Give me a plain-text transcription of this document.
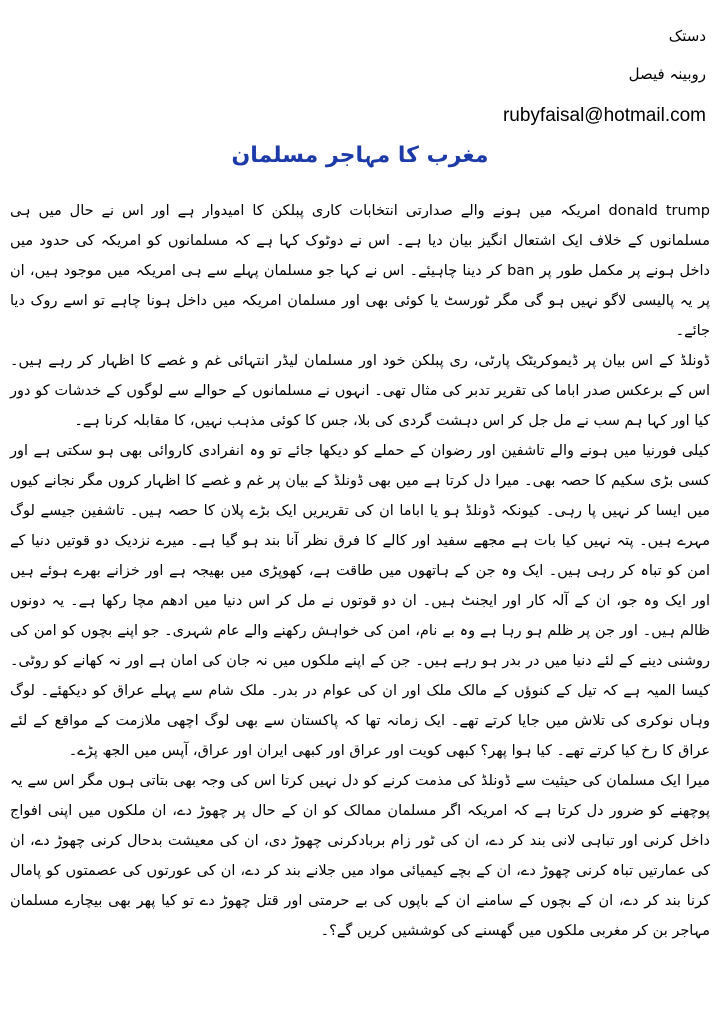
دستک
روبینہ فیصل
rubyfaisal@hotmail.com
مغرب کا مہاجر مسلمان

donald trump امریکہ میں ہونے والے صدارتی انتخابات کاری پبلکن کا امیدوار ہے اور اس نے حال میں ہی مسلمانوں کے خلاف ایک اشتعال انگیز بیان دیا ہے۔ اس نے دوٹوک کہا ہے کہ مسلمانوں کو امریکہ کی حدود میں داخل ہونے پر مکمل طور پر ban کر دینا چاہیئے۔ اس نے کہا جو مسلمان پہلے سے ہی امریکہ میں موجود ہیں، ان پر یہ پالیسی لاگو نہیں ہو گی مگر ٹورسٹ یا کوئی بھی اور مسلمان امریکہ میں داخل ہونا چاہے تو اسے روک دیا جائے۔

ڈونلڈ کے اس بیان پر ڈیموکریٹک پارٹی، ری پبلکن خود اور مسلمان لیڈر انتہائی غم و غصے کا اظہار کر رہے ہیں۔ اس کے برعکس صدر اباما کی تقریر تدبر کی مثال تھی۔ انہوں نے مسلمانوں کے حوالے سے لوگوں کے خدشات کو دور کیا اور کہا ہم سب نے مل جل کر اس دہشت گردی کی بلا، جس کا کوئی مذہب نہیں، کا مقابلہ کرنا ہے۔

کیلی فورنیا میں ہونے والے تاشفین اور رضوان کے حملے کو دیکھا جائے تو وہ انفرادی کاروائی بھی ہو سکتی ہے اور کسی بڑی سکیم کا حصہ بھی۔ میرا دل کرتا ہے میں بھی ڈونلڈ کے بیان پر غم و غصے کا اظہار کروں مگر نجانے کیوں میں ایسا کر نہیں پا رہی۔ کیونکہ ڈونلڈ ہو یا اباما ان کی تقریریں ایک بڑے پلان کا حصہ ہیں۔ تاشفین جیسے لوگ مہرے ہیں۔ پتہ نہیں کیا بات ہے مجھے سفید اور کالے کا فرق نظر آنا بند ہو گیا ہے۔ میرے نزدیک دو قوتیں دنیا کے امن کو تباہ کر رہی ہیں۔ ایک وہ جن کے ہاتھوں میں طاقت ہے، کھوپڑی میں بھیجہ ہے اور خزانے بھرے ہوئے ہیں اور ایک وہ جو، ان کے آلہ کار اور ایجنٹ ہیں۔ ان دو قوتوں نے مل کر اس دنیا میں ادھم مچا رکھا ہے۔ یہ دونوں ظالم ہیں۔ اور جن پر ظلم ہو رہا ہے وہ بے نام، امن کی خواہش رکھنے والے عام شہری۔ جو اپنے بچوں کو امن کی روشنی دینے کے لئے دنیا میں در بدر ہو رہے ہیں۔ جن کے اپنے ملکوں میں نہ جان کی امان ہے اور نہ کھانے کو روٹی۔ کیسا المیہ ہے کہ تیل کے کنوؤں کے مالک ملک اور ان کی عوام در بدر۔ ملک شام سے پہلے عراق کو دیکھئے۔ لوگ وہاں نوکری کی تلاش میں جایا کرتے تھے۔ ایک زمانہ تھا کہ پاکستان سے بھی لوگ اچھی ملازمت کے مواقع کے لئے عراق کا رخ کیا کرتے تھے۔ کیا ہوا پھر؟ کبھی کویت اور عراق اور کبھی ایران اور عراق، آپس میں الجھ پڑے۔

میرا ایک مسلمان کی حیثیت سے ڈونلڈ کی مذمت کرنے کو دل نہیں کرتا اس کی وجہ بھی بتاتی ہوں مگر اس سے یہ پوچھنے کو ضرور دل کرتا ہے کہ امریکہ اگر مسلمان ممالک کو ان کے حال پر چھوڑ دے، ان ملکوں میں اپنی افواج داخل کرنی اور تباہی لانی بند کر دے، ان کی ٹور زام بربادکرنی چھوڑ دی، ان کی معیشت بدحال کرنی چھوڑ دے، ان کی عمارتیں تباہ کرنی چھوڑ دے، ان کے بچے کیمیائی مواد میں جلانے بند کر دے، ان کی عورتوں کی عصمتوں کو پامال کرنا بند کر دے، ان کے بچوں کے سامنے ان کے باپوں کی بے حرمتی اور قتل چھوڑ دے تو کیا پھر بھی بیچارے مسلمان مہاجر بن کر مغربی ملکوں میں گھسنے کی کوششیں کریں گے؟۔
